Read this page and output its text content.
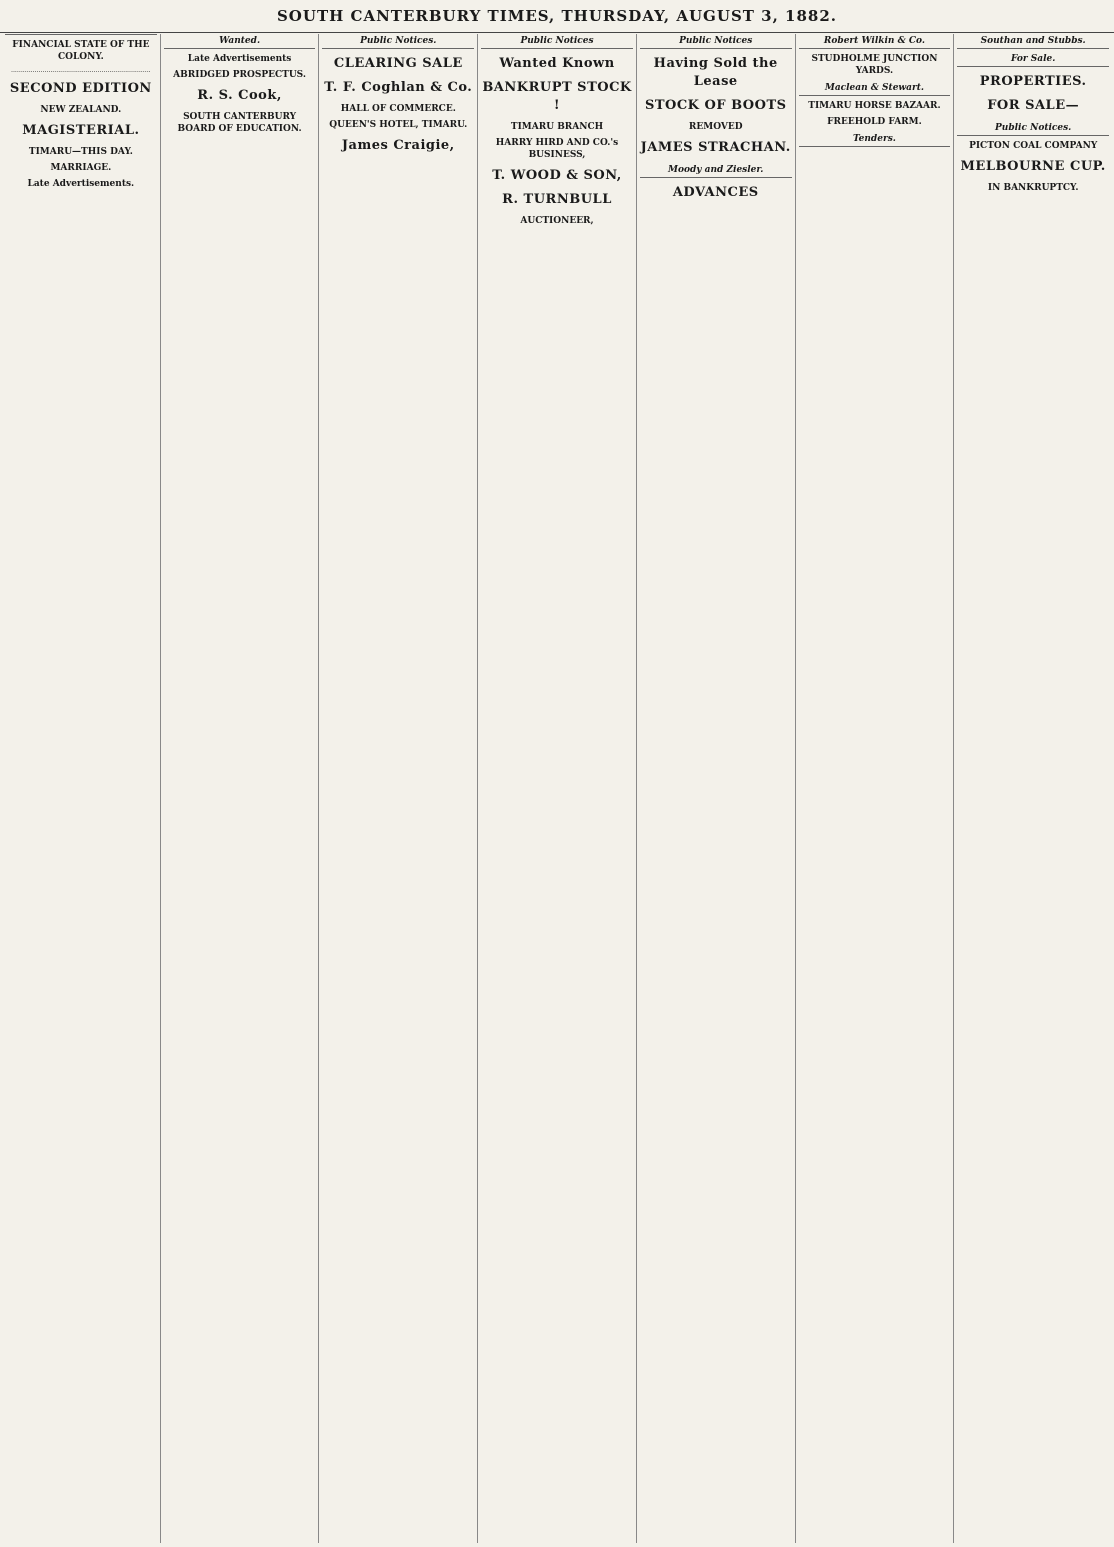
SOUTH CANTERBURY TIMES, THURSDAY, AUGUST 3, 1882.
FINANCIAL STATE OF THE COLONY.

.......................................................................

SECOND EDITION
NEW ZEALAND.
MAGISTERIAL.
TIMARU—THIS DAY.
MARRIAGE.
Late Advertisements.
Wanted.
Late Advertisements
ABRIDGED PROSPECTUS.
R. S. Cook,
SOUTH CANTERBURY BOARD OF EDUCATION.
Public Notices.
CLEARING SALE
T. F. Coghlan & Co.
HALL OF COMMERCE.
QUEEN'S HOTEL, TIMARU.
James Craigie,
Public Notices
Wanted Known
BANKRUPT STOCK !
TIMARU BRANCH
HARRY HIRD AND CO.'s BUSINESS,
T. WOOD & SON,
R. TURNBULL
AUCTIONEER,
Public Notices
Having Sold the Lease
STOCK OF BOOTS
REMOVED
JAMES STRACHAN.
Moody and Ziesler.
ADVANCES
Robert Wilkin & Co.
STUDHOLME JUNCTION YARDS.
Maclean & Stewart.
TIMARU HORSE BAZAAR.
FREEHOLD FARM.
Tenders.
Southan and Stubbs.
For Sale.
PROPERTIES.
FOR SALE—
Public Notices.
PICTON COAL COMPANY
MELBOURNE CUP.
IN BANKRUPTCY.
